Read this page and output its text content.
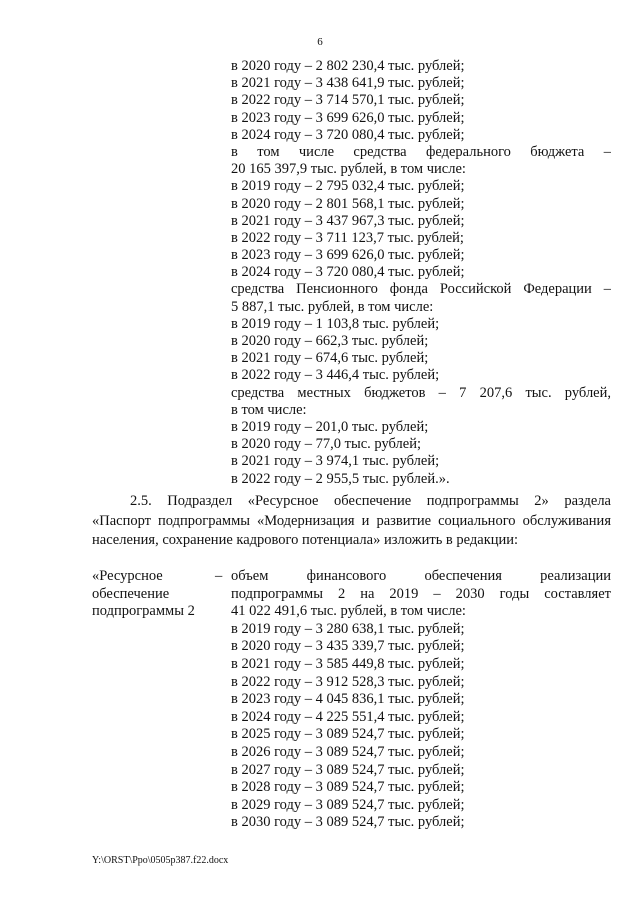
6
в 2020 году – 2 802 230,4 тыс. рублей;
в 2021 году – 3 438 641,9 тыс. рублей;
в 2022 году – 3 714 570,1 тыс. рублей;
в 2023 году – 3 699 626,0 тыс. рублей;
в 2024 году – 3 720 080,4 тыс. рублей;
в том числе средства федерального бюджета –
20 165 397,9 тыс. рублей, в том числе:
в 2019 году – 2 795 032,4 тыс. рублей;
в 2020 году – 2 801 568,1 тыс. рублей;
в 2021 году – 3 437 967,3 тыс. рублей;
в 2022 году – 3 711 123,7 тыс. рублей;
в 2023 году – 3 699 626,0 тыс. рублей;
в 2024 году – 3 720 080,4 тыс. рублей;
средства Пенсионного фонда Российской Федерации –
5 887,1 тыс. рублей, в том числе:
в 2019 году – 1 103,8 тыс. рублей;
в 2020 году – 662,3 тыс. рублей;
в 2021 году – 674,6 тыс. рублей;
в 2022 году – 3 446,4 тыс. рублей;
средства местных бюджетов – 7 207,6 тыс. рублей,
в том числе:
в 2019 году – 201,0 тыс. рублей;
в 2020 году – 77,0 тыс. рублей;
в 2021 году – 3 974,1 тыс. рублей;
в 2022 году – 2 955,5 тыс. рублей.».
2.5. Подраздел «Ресурсное обеспечение подпрограммы 2» раздела
«Паспорт подпрограммы «Модернизация и развитие социального обслуживания
населения, сохранение кадрового потенциала» изложить в редакции:
«Ресурсное
обеспечение
подпрограммы 2
– объем финансового обеспечения реализации
подпрограммы 2 на 2019 – 2030 годы составляет
41 022 491,6 тыс. рублей, в том числе:
в 2019 году – 3 280 638,1 тыс. рублей;
в 2020 году – 3 435 339,7 тыс. рублей;
в 2021 году – 3 585 449,8 тыс. рублей;
в 2022 году – 3 912 528,3 тыс. рублей;
в 2023 году – 4 045 836,1 тыс. рублей;
в 2024 году – 4 225 551,4 тыс. рублей;
в 2025 году – 3 089 524,7 тыс. рублей;
в 2026 году – 3 089 524,7 тыс. рублей;
в 2027 году – 3 089 524,7 тыс. рублей;
в 2028 году – 3 089 524,7 тыс. рублей;
в 2029 году – 3 089 524,7 тыс. рублей;
в 2030 году – 3 089 524,7 тыс. рублей;
Y:\ORST\Ppo\0505p387.f22.docx
